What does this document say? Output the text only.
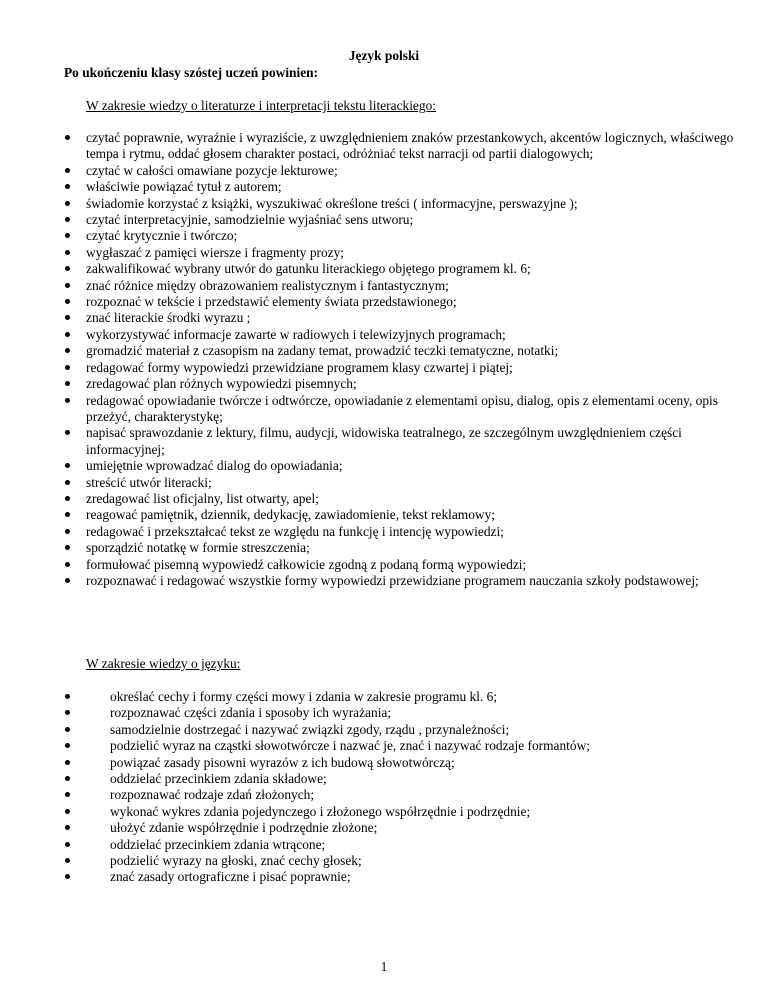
Język polski

Po ukończeniu klasy szóstej uczeń powinien:

W zakresie wiedzy o literaturze i interpretacji tekstu literackiego:

czytać poprawnie, wyraźnie i wyraziście, z uwzględnieniem znaków przestankowych, akcentów logicznych, właściwego tempa i rytmu, oddać głosem charakter postaci, odróżniać tekst narracji od partii dialogowych;
czytać w całości omawiane pozycje lekturowe;
właściwie powiązać tytuł z autorem;
świadomie korzystać z książki, wyszukiwać określone treści ( informacyjne, perswazyjne );
czytać interpretacyjnie, samodzielnie wyjaśniać sens utworu;
czytać krytycznie i twórczo;
wygłaszać z pamięci wiersze i fragmenty prozy;
zakwalifikować wybrany utwór do gatunku literackiego objętego programem kl. 6;
znać różnice między obrazowaniem realistycznym i fantastycznym;
rozpoznać w tekście i przedstawić elementy świata przedstawionego;
znać literackie środki wyrazu ;
wykorzystywać informacje zawarte w radiowych i telewizyjnych programach;
gromadzić materiał z czasopism na zadany temat, prowadzić teczki tematyczne, notatki;
redagować formy wypowiedzi przewidziane programem klasy czwartej i piątej;
zredagować plan różnych wypowiedzi pisemnych;
redagować opowiadanie twórcze i odtwórcze, opowiadanie z elementami opisu, dialog, opis z elementami oceny, opis przeżyć, charakterystykę;
napisać sprawozdanie z lektury, filmu, audycji, widowiska teatralnego, ze szczególnym uwzględnieniem części informacyjnej;
umiejętnie wprowadzać dialog do opowiadania;
streścić utwór literacki;
zredagować list oficjalny, list otwarty, apel;
reagować pamiętnik, dziennik, dedykację, zawiadomienie, tekst reklamowy;
redagować i przekształcać tekst ze względu na funkcję i intencję wypowiedzi;
sporządzić notatkę w formie streszczenia;
formułować pisemną wypowiedź całkowicie zgodną z podaną formą wypowiedzi;
rozpoznawać i redagować wszystkie formy wypowiedzi przewidziane programem nauczania szkoły podstawowej;

W zakresie wiedzy o języku:

określać cechy i formy części mowy i zdania w zakresie programu kl. 6;
rozpoznawać części zdania i sposoby ich wyrażania;
samodzielnie dostrzegać i nazywać związki zgody, rządu , przynależności;
podzielić wyraz na cząstki słowotwórcze i nazwać je, znać i nazywać rodzaje formantów;
powiązać zasady pisowni wyrazów z ich budową słowotwórczą;
oddzielać przecinkiem zdania składowe;
rozpoznawać rodzaje zdań złożonych;
wykonać wykres zdania pojedynczego i złożonego współrzędnie i podrzędnie;
ułożyć zdanie współrzędnie i podrzędnie złożone;
oddzielać przecinkiem zdania wtrącone;
podzielić wyrazy na głoski, znać cechy głosek;
znać zasady ortograficzne i pisać poprawnie;

1
